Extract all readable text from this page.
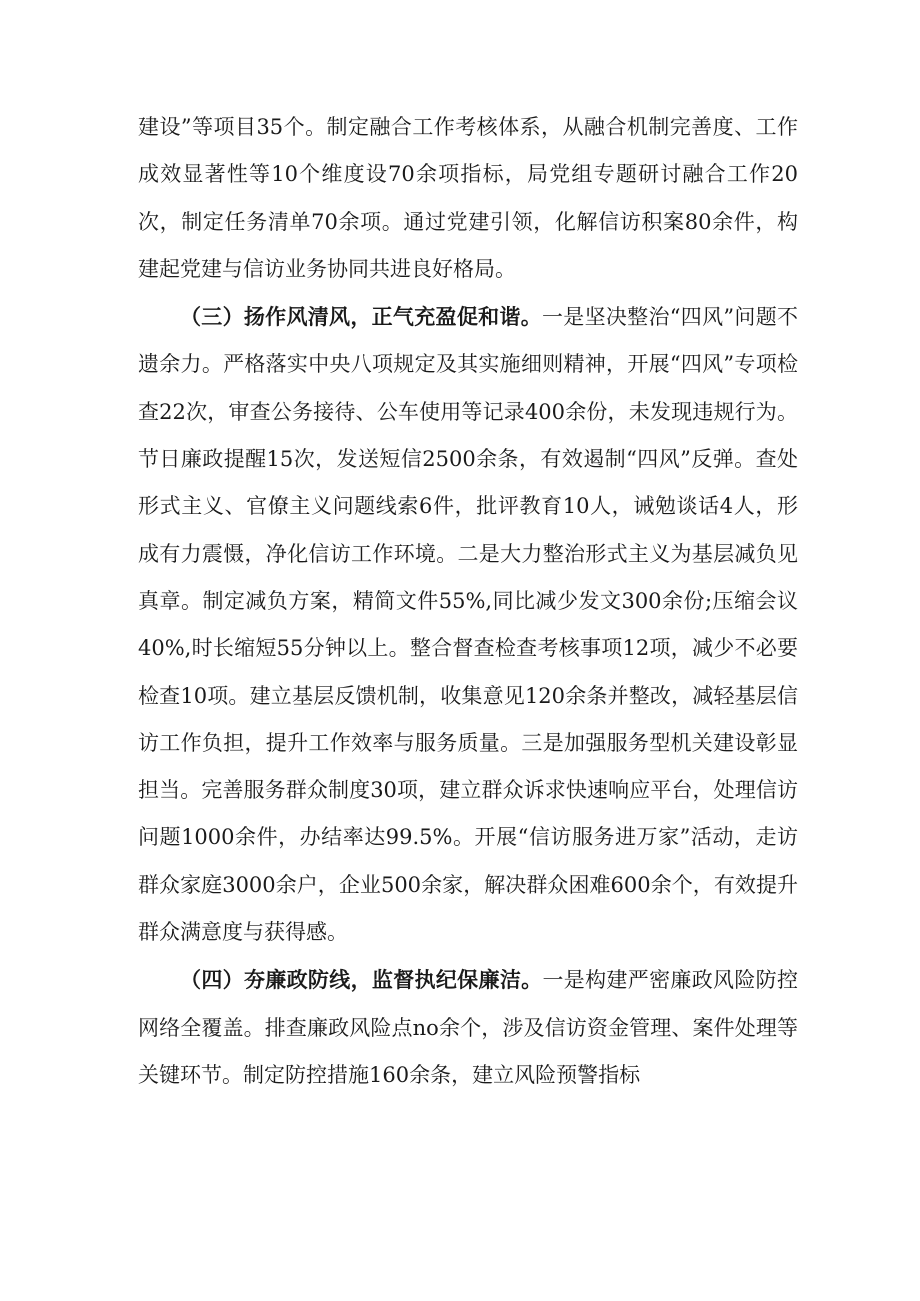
建设”等项目35个。制定融合工作考核体系，从融合机制完善度、工作成效显著性等10个维度设70余项指标，局党组专题研讨融合工作20次，制定任务清单70余项。通过党建引领，化解信访积案80余件，构建起党建与信访业务协同共进良好格局。

（三）扬作风清风，正气充盈促和谐。一是坚决整治“四风”问题不遗余力。严格落实中央八项规定及其实施细则精神，开展“四风”专项检查22次，审查公务接待、公车使用等记录400余份，未发现违规行为。节日廉政提醒15次，发送短信2500余条，有效遏制“四风”反弹。查处形式主义、官僚主义问题线索6件，批评教育10人，诫勉谈话4人，形成有力震慑，净化信访工作环境。二是大力整治形式主义为基层减负见真章。制定减负方案，精简文件55%,同比减少发文300余份;压缩会议40%,时长缩短55分钟以上。整合督查检查考核事项12项，减少不必要检查10项。建立基层反馈机制，收集意见120余条并整改，减轻基层信访工作负担，提升工作效率与服务质量。三是加强服务型机关建设彰显担当。完善服务群众制度30项，建立群众诉求快速响应平台，处理信访问题1000余件，办结率达99.5%。开展“信访服务进万家”活动，走访群众家庭3000余户，企业500余家，解决群众困难600余个，有效提升群众满意度与获得感。

（四）夯廉政防线，监督执纪保廉洁。一是构建严密廉政风险防控网络全覆盖。排查廉政风险点no余个，涉及信访资金管理、案件处理等关键环节。制定防控措施160余条，建立风险预警指标
